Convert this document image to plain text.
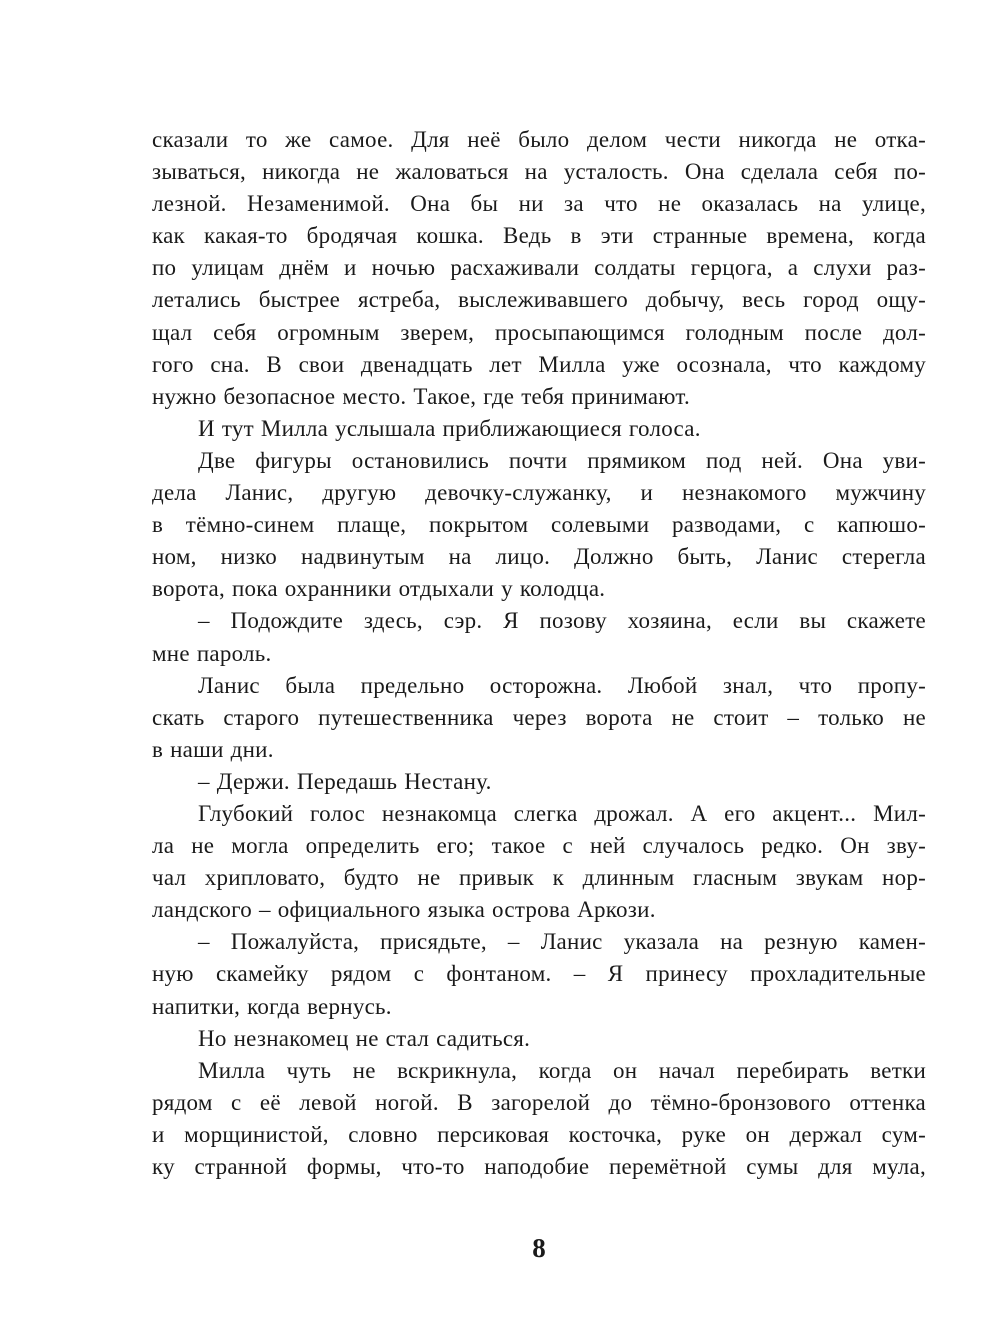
сказали то же самое. Для неё было делом чести никогда не отка-
зываться, никогда не жаловаться на усталость. Она сделала себя по-
лезной. Незаменимой. Она бы ни за что не оказалась на улице,
как какая-то бродячая кошка. Ведь в эти странные времена, когда
по улицам днём и ночью расхаживали солдаты герцога, а слухи раз-
летались быстрее ястреба, выслеживавшего добычу, весь город ощу-
щал себя огромным зверем, просыпающимся голодным после дол-
гого сна. В свои двенадцать лет Милла уже осознала, что каждому
нужно безопасное место. Такое, где тебя принимают.
И тут Милла услышала приближающиеся голоса.
Две фигуры остановились почти прямиком под ней. Она уви-
дела Ланис, другую девочку-служанку, и незнакомого мужчину
в тёмно-синем плаще, покрытом солевыми разводами, с капюшо-
ном, низко надвинутым на лицо. Должно быть, Ланис стерегла
ворота, пока охранники отдыхали у колодца.
– Подождите здесь, сэр. Я позову хозяина, если вы скажете
мне пароль.
Ланис была предельно осторожна. Любой знал, что пропу-
скать старого путешественника через ворота не стоит – только не
в наши дни.
– Держи. Передашь Нестану.
Глубокий голос незнакомца слегка дрожал. А его акцент... Мил-
ла не могла определить его; такое с ней случалось редко. Он зву-
чал хрипловато, будто не привык к длинным гласным звукам нор-
ландского – официального языка острова Аркози.
– Пожалуйста, присядьте, – Ланис указала на резную камен-
ную скамейку рядом с фонтаном. – Я принесу прохладительные
напитки, когда вернусь.
Но незнакомец не стал садиться.
Милла чуть не вскрикнула, когда он начал перебирать ветки
рядом с её левой ногой. В загорелой до тёмно-бронзового оттенка
и морщинистой, словно персиковая косточка, руке он держал сум-
ку странной формы, что-то наподобие перемётной сумы для мула,
8
